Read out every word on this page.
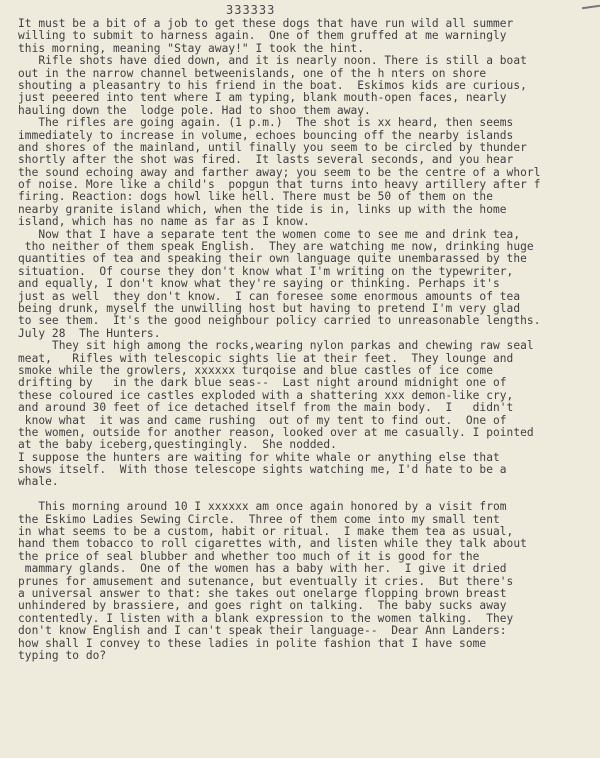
333333
It must be a bit of a job to get these dogs that have run wild all summer
willing to submit to harness again.  One of them gruffed at me warningly
this morning, meaning "Stay away!" I took the hint.
Rifle shots have died down, and it is nearly noon. There is still a boat
out in the narrow channel betweenislands, one of the h nters on shore
shouting a pleasantry to his friend in the boat.  Eskimos kids are curious,
just peeered into tent where I am typing, blank mouth-open faces, nearly
hauling down the  lodge pole. Had to shoo them away.
The rifles are going again. (1 p.m.)  The shot is xx heard, then seems
immediately to increase in volume, echoes bouncing off the nearby islands
and shores of the mainland, until finally you seem to be circled by thunder
shortly after the shot was fired.  It lasts several seconds, and you hear
the sound echoing away and farther away; you seem to be the centre of a whorl
of noise. More like a child's  popgun that turns into heavy artillery after f
firing. Reaction: dogs howl like hell. There must be 50 of them on the
nearby granite island which, when the tide is in, links up with the home
island, which has no name as far as I know.
Now that I have a separate tent the women come to see me and drink tea,
tho neither of them speak English.  They are watching me now, drinking huge
quantities of tea and speaking their own language quite unembarassed by the
situation.  Of course they don't know what I'm writing on the typewriter,
and equally, I don't know what they're saying or thinking. Perhaps it's
just as well  they don't know.  I can foresee some enormous amounts of tea
being drunk, myself the unwilling host but having to pretend I'm very glad
to see them.  It's the good neighbour policy carried to unreasonable lengths.
July 28  The Hunters.
They sit high among the rocks,wearing nylon parkas and chewing raw seal
meat,   Rifles with telescopic sights lie at their feet.  They lounge and
smoke while the growlers, xxxxxx turqoise and blue castles of ice come
drifting by   in the dark blue seas--  Last night around midnight one of
these coloured ice castles exploded with a shattering xxx demon-like cry,
and around 30 feet of ice detached itself from the main body.  I   didn't
know what  it was and came rushing  out of my tent to find out.  One of
the women, outside for another reason, looked over at me casually. I pointed
at the baby iceberg,questingingly.  She nodded.
I suppose the hunters are waiting for white whale or anything else that
shows itself.  With those telescope sights watching me, I'd hate to be a
whale.
This morning around 10 I xxxxxx am once again honored by a visit from
the Eskimo Ladies Sewing Circle.  Three of them come into my small tent
in what seems to be a custom, habit or ritual.  I make them tea as usual,
hand them tobacco to roll cigarettes with, and listen while they talk about
the price of seal blubber and whether too much of it is good for the
mammary glands.  One of the women has a baby with her.  I give it dried
prunes for amusement and sutenance, but eventually it cries.  But there's
a universal answer to that: she takes out onelarge flopping brown breast
unhindered by brassiere, and goes right on talking.  The baby sucks away
contentedly. I listen with a blank expression to the women talking.  They
don't know English and I can't speak their language--  Dear Ann Landers:
how shall I convey to these ladies in polite fashion that I have some
typing to do?
